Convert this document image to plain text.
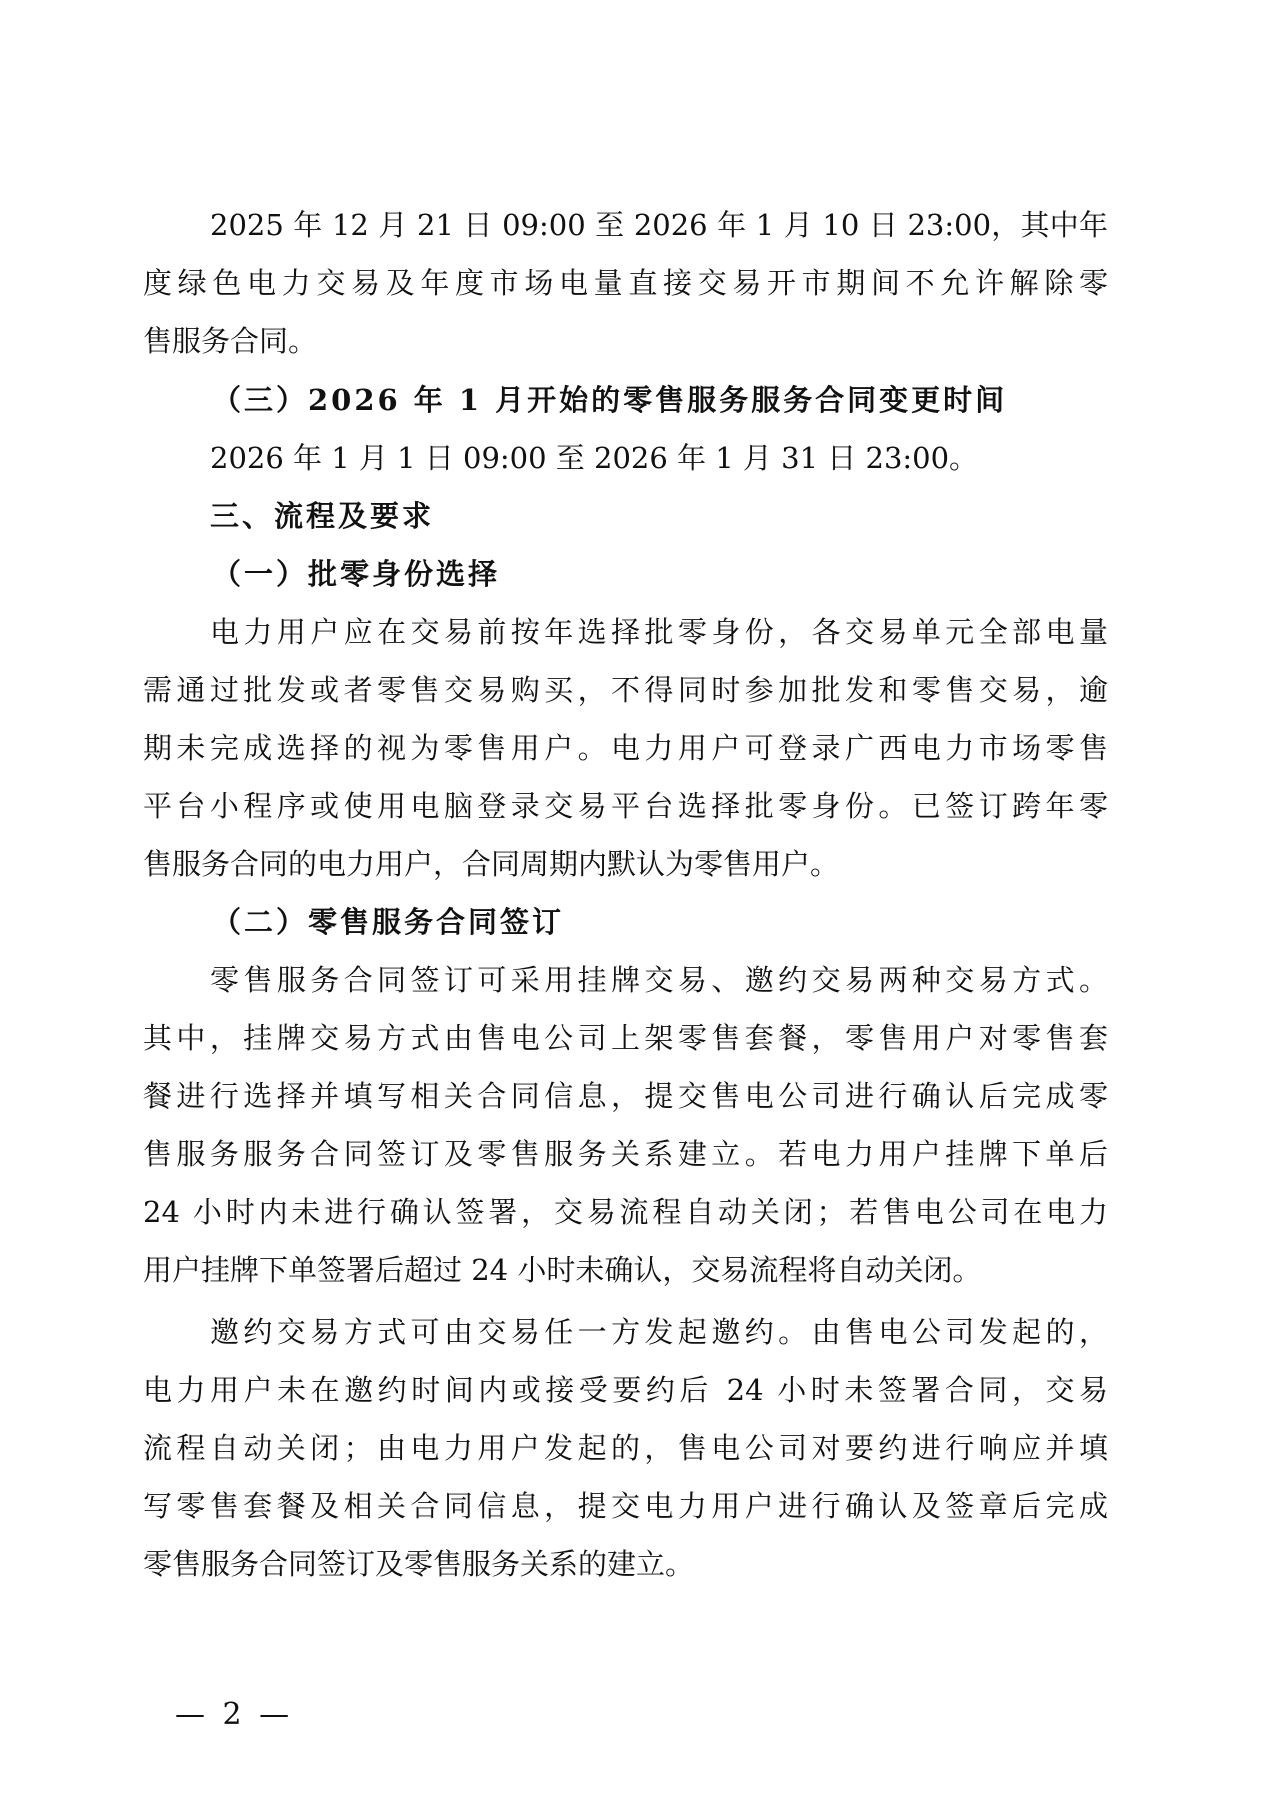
2025 年 12 月 21 日 09:00 至 2026 年 1 月 10 日 23:00，其中年
度绿色电力交易及年度市场电量直接交易开市期间不允许解除零
售服务合同。
（三）2026 年 1 月开始的零售服务服务合同变更时间
2026 年 1 月 1 日 09:00 至 2026 年 1 月 31 日 23:00。
三、流程及要求
（一）批零身份选择
电力用户应在交易前按年选择批零身份，各交易单元全部电量
需通过批发或者零售交易购买，不得同时参加批发和零售交易，逾
期未完成选择的视为零售用户。电力用户可登录广西电力市场零售
平台小程序或使用电脑登录交易平台选择批零身份。已签订跨年零
售服务合同的电力用户，合同周期内默认为零售用户。
（二）零售服务合同签订
零售服务合同签订可采用挂牌交易、邀约交易两种交易方式。
其中，挂牌交易方式由售电公司上架零售套餐，零售用户对零售套
餐进行选择并填写相关合同信息，提交售电公司进行确认后完成零
售服务服务合同签订及零售服务关系建立。若电力用户挂牌下单后
24 小时内未进行确认签署，交易流程自动关闭；若售电公司在电力
用户挂牌下单签署后超过 24 小时未确认，交易流程将自动关闭。
邀约交易方式可由交易任一方发起邀约。由售电公司发起的，
电力用户未在邀约时间内或接受要约后 24 小时未签署合同，交易
流程自动关闭；由电力用户发起的，售电公司对要约进行响应并填
写零售套餐及相关合同信息，提交电力用户进行确认及签章后完成
零售服务合同签订及零售服务关系的建立。
— 2 —
